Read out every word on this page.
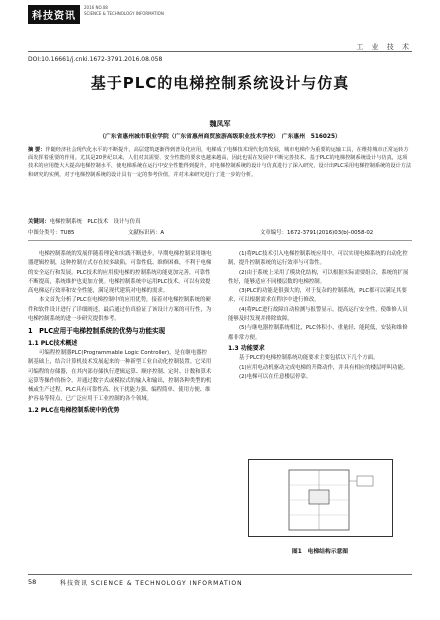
科技资讯
2016 NO.08
SCIENCE & TECHNOLOGY INFORMATION
工 业 技 术
DOI:10.16661/j.cnki.1672-3791.2016.08.058
基于PLC的电梯控制系统设计与仿真
魏凤军
（广东省惠州城市职业学院（广东省惠州商贸旅游高级职业技术学校）　广东惠州　516025）
摘 要：伴随经济社会现代化水平的不断提升，高层建筑逐渐得到普及化应用，电梯成了电梯技术现代化的发展，城市电梯作为重要的运输工具，在维持城市正常运转方面发挥着重要的作用。尤其是20世纪以来，人们对其需要、安全性能的要求也越来越高，因此也需在发展中不断完善技术。基于PLC的电梯控制系统设计与仿真，这项技术的应用能大大提高电梯控制水平，使电梯系统在运行中安全性能得到提升，对电梯控制系统的设计与仿真进行了深入研究，设计出PLC采用电梯控制系统的设计方法和研究的实例，对于电梯控制系统的设计具有一定的参考价值，并对未来研究进行了进一步的分析。
关键词：电梯控制系统　PLC技术　设计与仿真
中图分类号：TU85	文献标识码：A	文章编号：1672-3791(2016)03(b)-0058-02

电梯控制系统的发展伴随着理论和实践不断进步，早期电梯控制采用继电器逻辑控制，这种控制方式存在较多缺陷，可靠性低、维修困难，不利于电梯的安全运行和发展。PLC技术的应用使电梯的控制系统功能更加完善，可靠性不断提高，系统维护也更加方便。电梯控制系统中运用PLC技术，可以有效提高电梯运行效率和安全性能，满足现代建筑对电梯的需求。

本文首先分析了PLC在电梯控制中的应用优势，接着对电梯控制系统的硬件和软件设计进行了详细阐述，最后通过仿真验证了该设计方案的可行性，为电梯控制系统的进一步研究提供参考。

1　PLC应用于电梯控制系统的优势与功能实现

1.1 PLC技术概述

可编程控制器PLC(Programmable Logic Controller)，是在继电器控制基础上，结合计算机技术发展起来的一种新型工业自动化控制装置。它采用可编程的存储器，在其内部存储执行逻辑运算、顺序控制、定时、计数和算术运算等操作的指令，并通过数字式或模拟式的输入和输出，控制各种类型的机械或生产过程。PLC具有可靠性高、抗干扰能力强、编程简单、使用方便、维护容易等特点，已广泛应用于工业控制的各个领域。

1.2 PLC在电梯控制系统中的优势

(1)将PLC技术引入电梯控制系统应用中，可以实现电梯系统的自动化控制，提升控制系统的运行效率与可靠性。

(2)由于系统上采用了模块化结构，可以根据实际需要组合，系统的扩展性好，能够适应不同楼层数的电梯控制。

(3)PLC的功能是很强大的，对于复杂的控制系统，PLC都可以满足其要求，可以根据需求在程序中进行修改。

(4)将PLC进行故障自动检测与报警显示，提高运行安全性，使维修人员能够及时发现并排除故障。

(5)与继电器控制系统相比，PLC体积小、重量轻、能耗低，安装和维修都非常方便。

1.3 功能要求

基于PLC的电梯控制系统功能要求主要包括以下几个方面。

(1)应用电动机驱动完成电梯的升降动作，并具有相应的楼层呼叫功能。

(2)电梯可以在任意楼层停靠。

图1　电梯结构示意图
58	科技资讯 SCIENCE & TECHNOLOGY INFORMATION
